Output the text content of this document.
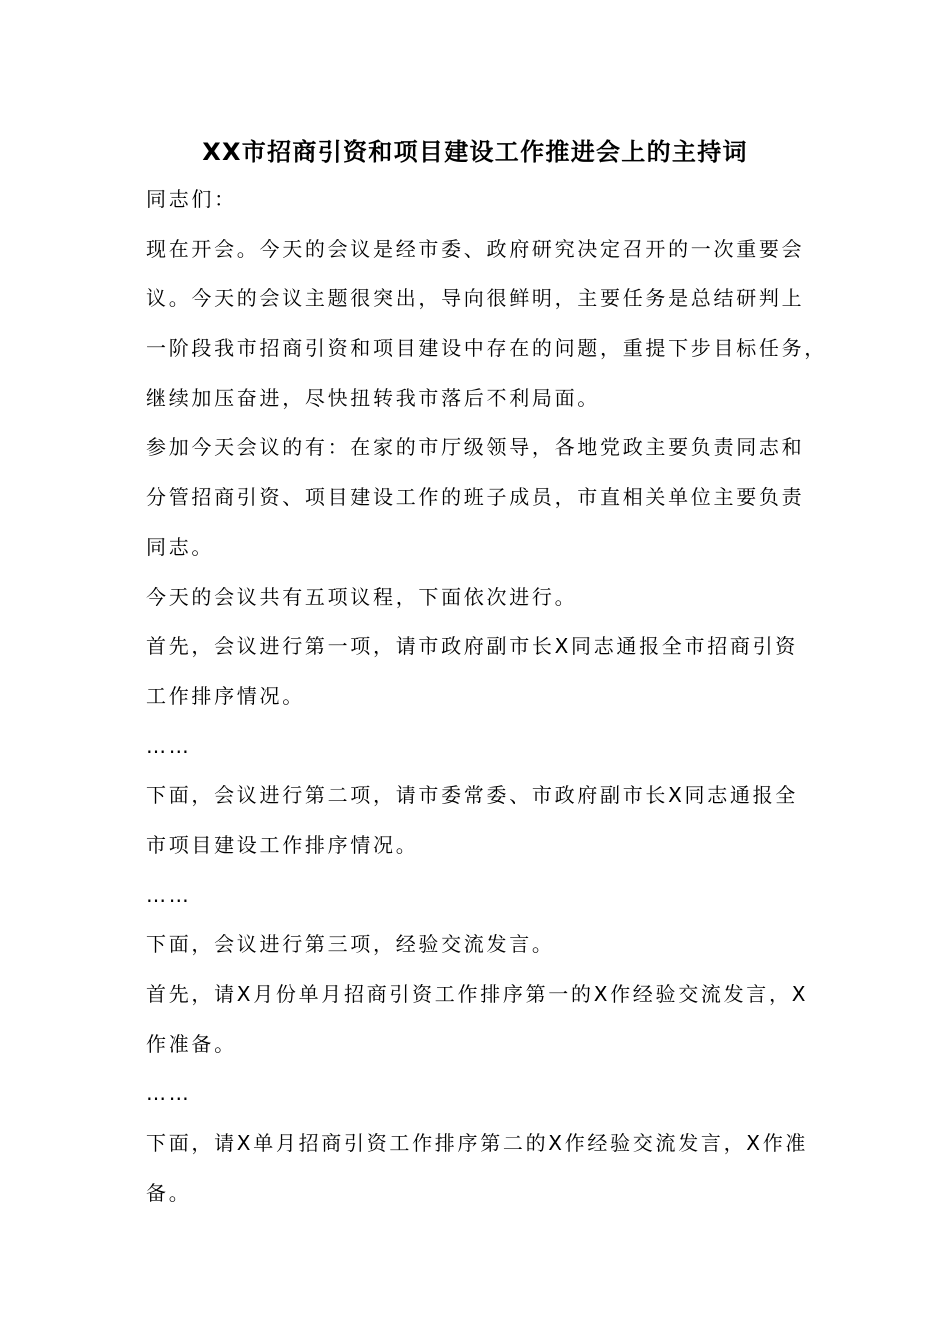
XX市招商引资和项目建设工作推进会上的主持词
同志们：
现在开会。今天的会议是经市委、政府研究决定召开的一次重要会
议。今天的会议主题很突出，导向很鲜明，主要任务是总结研判上
一阶段我市招商引资和项目建设中存在的问题，重提下步目标任务，
继续加压奋进，尽快扭转我市落后不利局面。
参加今天会议的有：在家的市厅级领导，各地党政主要负责同志和
分管招商引资、项目建设工作的班子成员，市直相关单位主要负责
同志。
今天的会议共有五项议程，下面依次进行。
首先，会议进行第一项，请市政府副市长X同志通报全市招商引资
工作排序情况。
……
下面，会议进行第二项，请市委常委、市政府副市长X同志通报全
市项目建设工作排序情况。
……
下面，会议进行第三项，经验交流发言。
首先，请X月份单月招商引资工作排序第一的X作经验交流发言，X
作准备。
……
下面，请X单月招商引资工作排序第二的X作经验交流发言，X作准
备。
